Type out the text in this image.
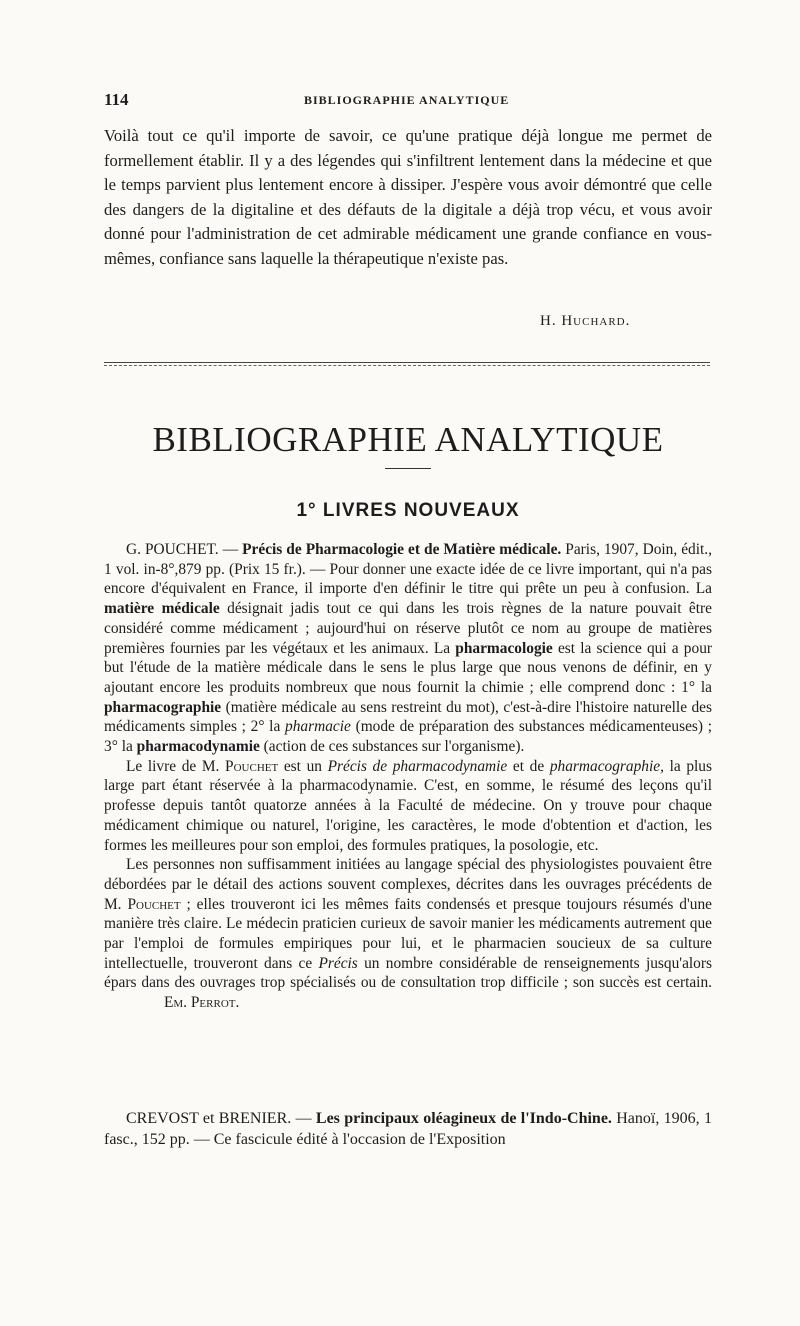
114	BIBLIOGRAPHIE ANALYTIQUE

Voilà tout ce qu'il importe de savoir, ce qu'une pratique déjà longue me permet de formellement établir. Il y a des légendes qui s'infiltrent lentement dans la médecine et que le temps parvient plus lentement encore à dissiper. J'espère vous avoir démontré que celle des dangers de la digitaline et des défauts de la digitale a déjà trop vécu, et vous avoir donné pour l'administration de cet admirable médicament une grande confiance en vous-mêmes, confiance sans laquelle la thérapeutique n'existe pas.

H. Huchard.
BIBLIOGRAPHIE ANALYTIQUE
1° LIVRES NOUVEAUX

G. POUCHET. — Précis de Pharmacologie et de Matière médicale. Paris, 1907, Doin, édit., 1 vol. in-8°,879 pp. (Prix 15 fr.). — Pour donner une exacte idée de ce livre important, qui n'a pas encore d'équivalent en France, il importe d'en définir le titre qui prête un peu à confusion. La matière médicale désignait jadis tout ce qui dans les trois règnes de la nature pouvait être considéré comme médicament ; aujourd'hui on réserve plutôt ce nom au groupe de matières premières fournies par les végétaux et les animaux. La pharmacologie est la science qui a pour but l'étude de la matière médicale dans le sens le plus large que nous venons de définir, en y ajoutant encore les produits nombreux que nous fournit la chimie ; elle comprend donc : 1° la pharmacographie (matière médicale au sens restreint du mot), c'est-à-dire l'histoire naturelle des médicaments simples ; 2° la pharmacie (mode de préparation des substances médicamenteuses) ; 3° la pharmacodynamie (action de ces substances sur l'organisme).

Le livre de M. Pouchet est un Précis de pharmacodynamie et de pharmacographie, la plus large part étant réservée à la pharmacodynamie. C'est, en somme, le résumé des leçons qu'il professe depuis tantôt quatorze années à la Faculté de médecine. On y trouve pour chaque médicament chimique ou naturel, l'origine, les caractères, le mode d'obtention et d'action, les formes les meilleures pour son emploi, des formules pratiques, la posologie, etc.

Les personnes non suffisamment initiées au langage spécial des physiologistes pouvaient être débordées par le détail des actions souvent complexes, décrites dans les ouvrages précédents de M. Pouchet ; elles trouveront ici les mêmes faits condensés et presque toujours résumés d'une manière très claire. Le médecin praticien curieux de savoir manier les médicaments autrement que par l'emploi de formules empiriques pour lui, et le pharmacien soucieux de sa culture intellectuelle, trouveront dans ce Précis un nombre considérable de renseignements jusqu'alors épars dans des ouvrages trop spécialisés ou de consultation trop difficile ; son succès est certain. Em. Perrot.

CREVOST et BRENIER. — Les principaux oléagineux de l'Indo-Chine. Hanoï, 1906, 1 fasc., 152 pp. — Ce fascicule édité à l'occasion de l'Exposition
